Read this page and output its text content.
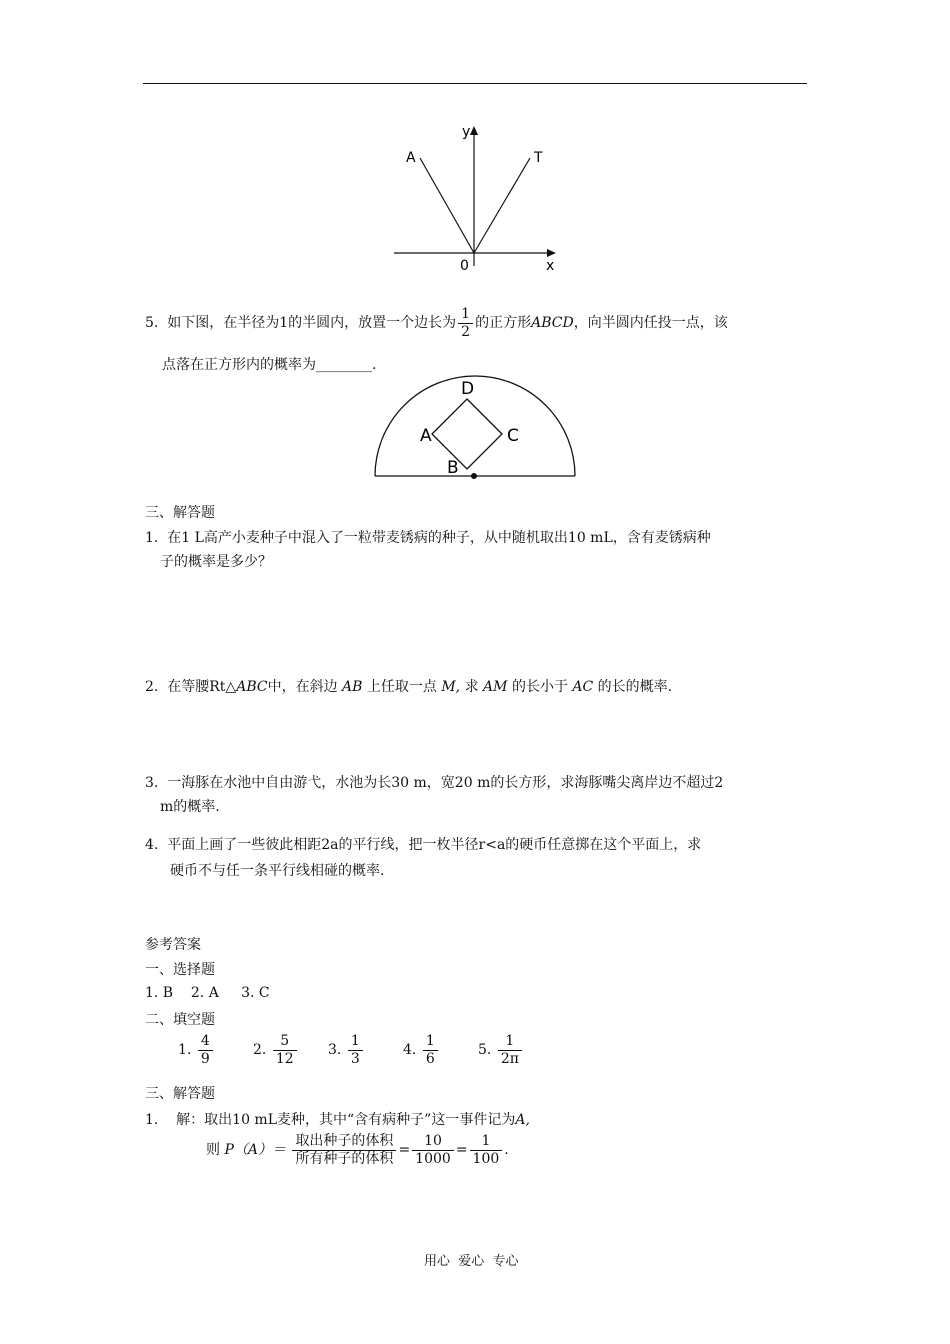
y
A	T
0	x
5. 如下图，在半径为1的半圆内，放置一个边长为 $\frac{1}{2}$ 的正方形ABCD，向半圆内任投一点，该
点落在正方形内的概率为________.
D
A	C
B
三、解答题
1. 在1 L高产小麦种子中混入了一粒带麦锈病的种子，从中随机取出10 mL，含有麦锈病种
子的概率是多少？
2. 在等腰Rt△ABC中，在斜边 AB 上任取一点 M, 求 AM 的长小于 AC 的长的概率.
3. 一海豚在水池中自由游弋，水池为长30 m，宽20 m的长方形，求海豚嘴尖离岸边不超过2
m的概率.
4. 平面上画了一些彼此相距2a的平行线，把一枚半径r<a的硬币任意掷在这个平面上，求
硬币不与任一条平行线相碰的概率.
参考答案
一、选择题
1. B    2. A     3. C
二、填空题
1. $\frac{4}{9}$	2. $\frac{5}{12} 3$. $\frac{1}{3}$	4. $\frac{1}{6}$	5. $\frac{1}{2\pi}$
三、解答题
1. 解：取出10 mL麦种，其中“含有病种子”这一事件记为A,
则 $P(A)= \frac{\text{取出种子的体积}}{\text{所有种子的体积}} = \frac{10}{1000} = \frac{1}{100}$ .
用心  爱心  专心
